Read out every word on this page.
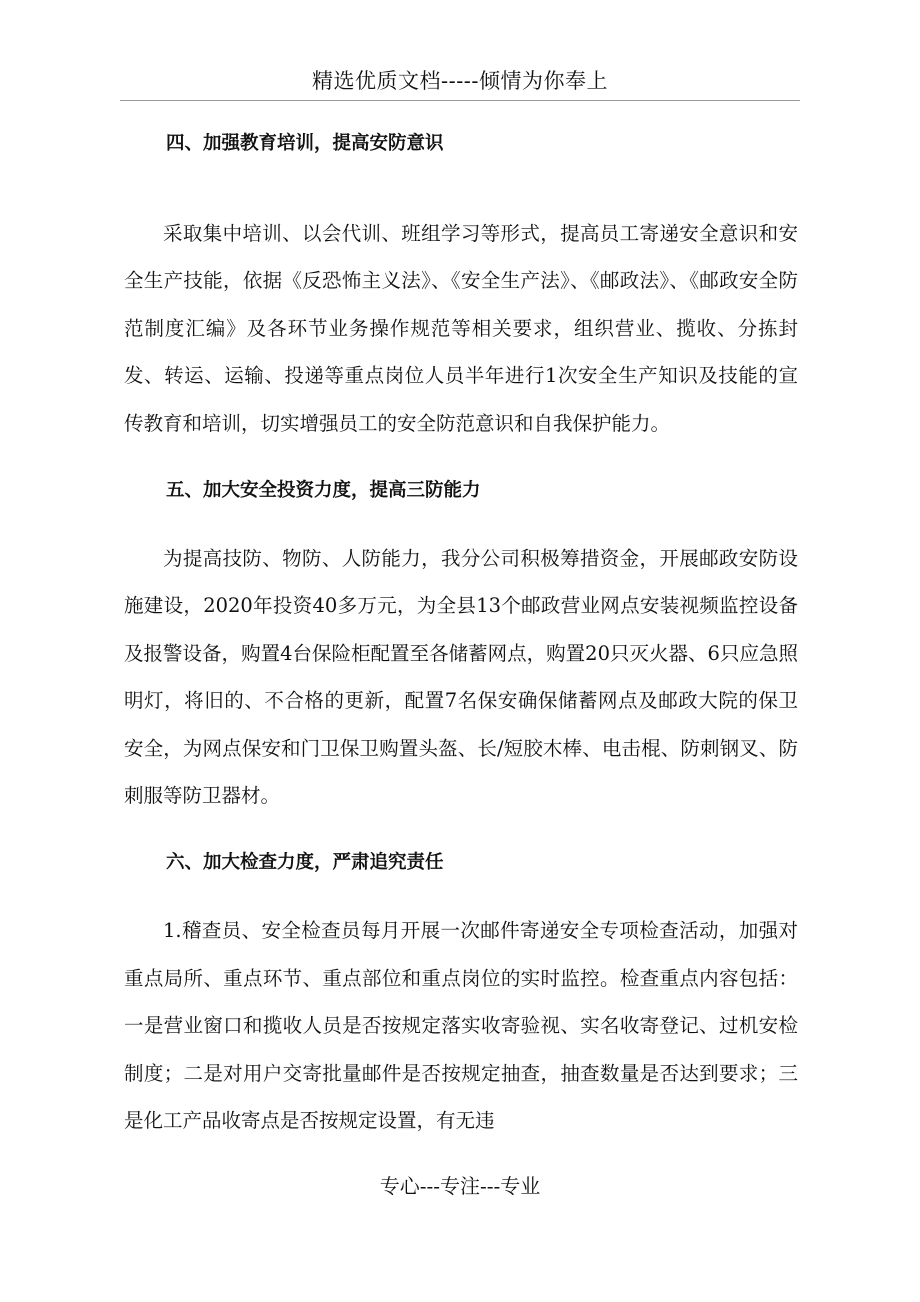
精选优质文档-----倾情为你奉上
四、加强教育培训，提高安防意识

采取集中培训、以会代训、班组学习等形式，提高员工寄递安全意识和安全生产技能，依据《反恐怖主义法》、《安全生产法》、《邮政法》、《邮政安全防范制度汇编》及各环节业务操作规范等相关要求，组织营业、揽收、分拣封发、转运、运输、投递等重点岗位人员半年进行1次安全生产知识及技能的宣传教育和培训，切实增强员工的安全防范意识和自我保护能力。

五、加大安全投资力度，提高三防能力

为提高技防、物防、人防能力，我分公司积极筹措资金，开展邮政安防设施建设，2020年投资40多万元，为全县13个邮政营业网点安装视频监控设备及报警设备，购置4台保险柜配置至各储蓄网点，购置20只灭火器、6只应急照明灯，将旧的、不合格的更新，配置7名保安确保储蓄网点及邮政大院的保卫安全，为网点保安和门卫保卫购置头盔、长/短胶木棒、电击棍、防刺钢叉、防刺服等防卫器材。

六、加大检查力度，严肃追究责任

1.稽查员、安全检查员每月开展一次邮件寄递安全专项检查活动，加强对重点局所、重点环节、重点部位和重点岗位的实时监控。检查重点内容包括：一是营业窗口和揽收人员是否按规定落实收寄验视、实名收寄登记、过机安检制度；二是对用户交寄批量邮件是否按规定抽查，抽查数量是否达到要求；三是化工产品收寄点是否按规定设置，有无违

专心---专注---专业
